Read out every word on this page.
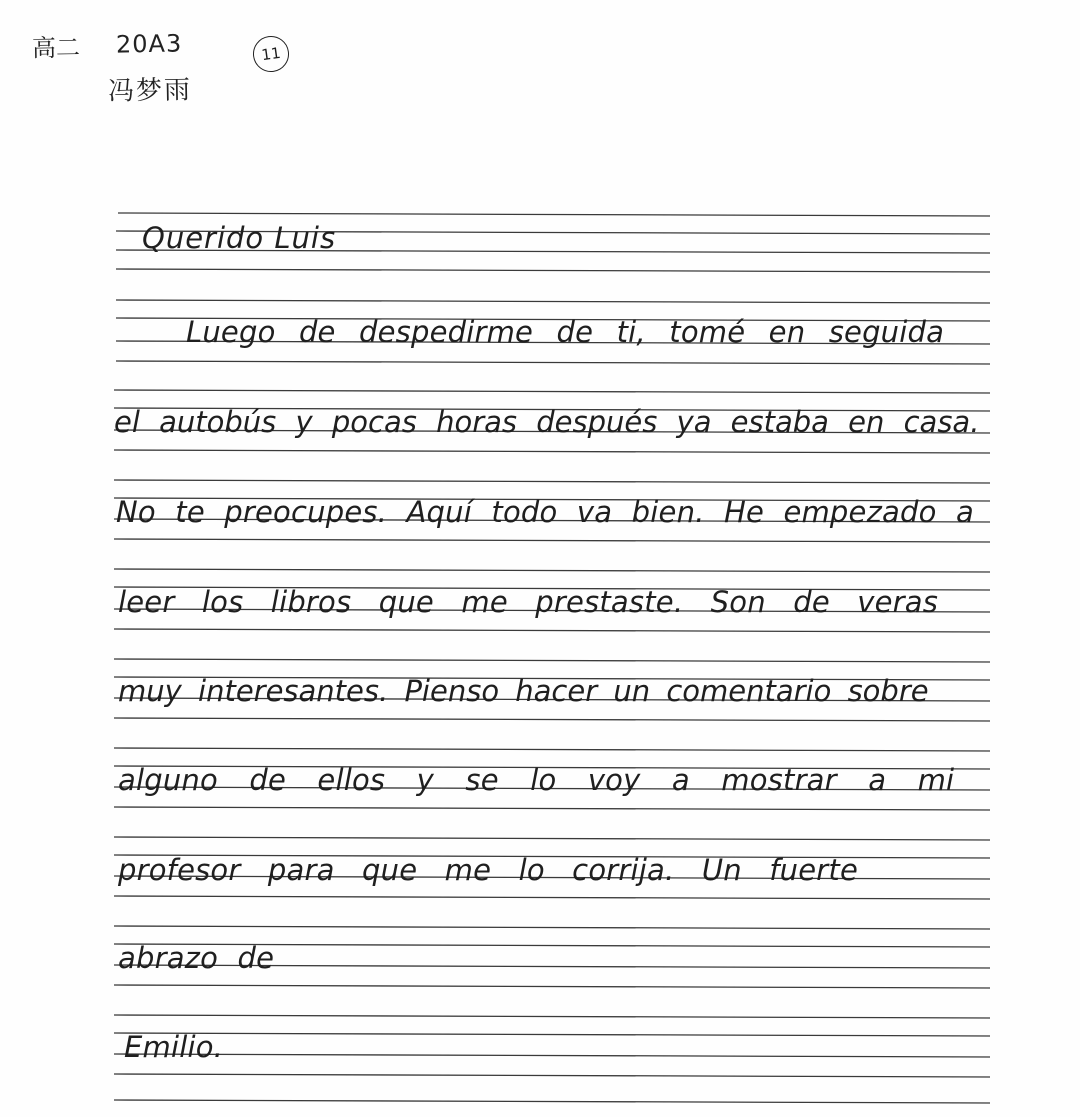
高二 20A3
冯梦雨
11
Querido Luis
Luego de despedirme de ti, tomé en seguida
el autobús y pocas horas después ya estaba en casa.
No te preocupes. Aquí todo va bien. He empezado a
leer los libros que me prestaste. Son de veras
muy interesantes. Pienso hacer un comentario sobre
alguno de ellos y se lo voy a mostrar a mi
profesor para que me lo corrija. Un fuerte
abrazo de
Emilio.
